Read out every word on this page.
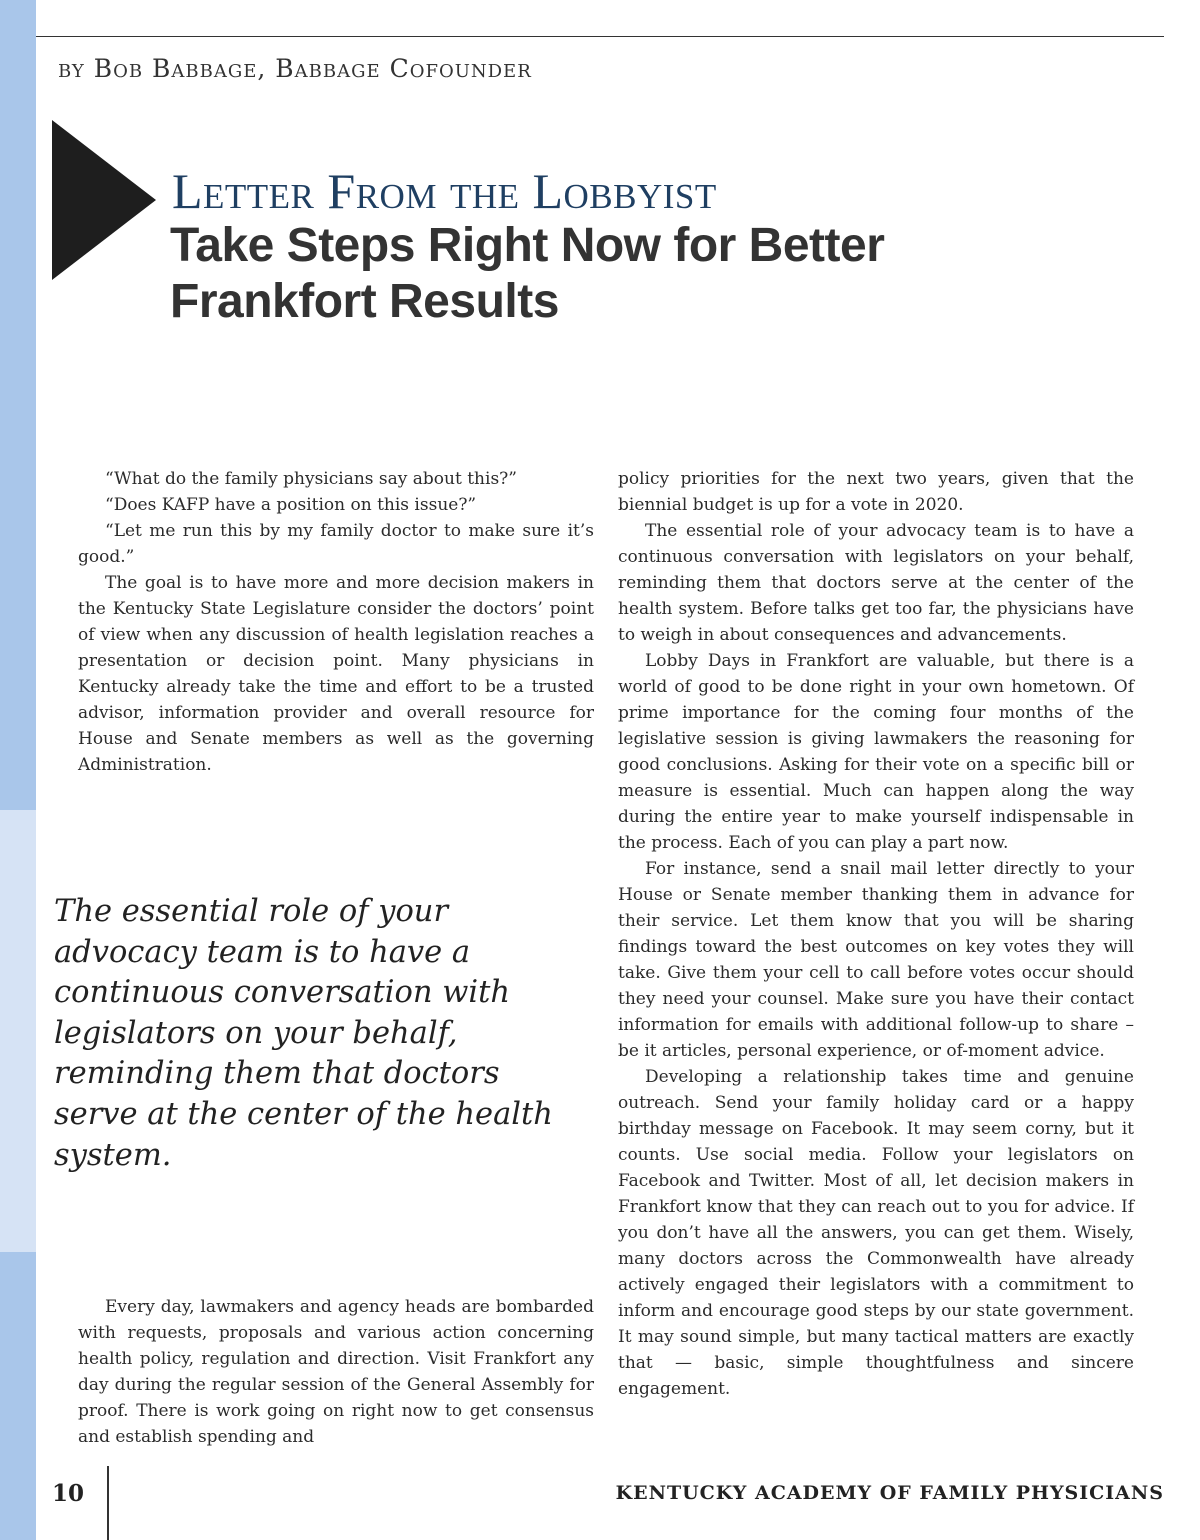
by Bob Babbage, Babbage Cofounder
Letter From the Lobbyist
Take Steps Right Now for Better Frankfort Results

“What do the family physicians say about this?”

“Does KAFP have a position on this issue?”

“Let me run this by my family doctor to make sure it’s good.”

The goal is to have more and more decision makers in the Kentucky State Legislature consider the doctors’ point of view when any discussion of health legislation reaches a presentation or decision point. Many physicians in Kentucky already take the time and effort to be a trusted advisor, information provider and overall resource for House and Senate members as well as the governing Administration.

The essential role of your advocacy team is to have a continuous conversation with legislators on your behalf, reminding them that doctors serve at the center of the health system.

Every day, lawmakers and agency heads are bombarded with requests, proposals and various action concerning health policy, regulation and direction. Visit Frankfort any day during the regular session of the General Assembly for proof. There is work going on right now to get consensus and establish spending and

policy priorities for the next two years, given that the biennial budget is up for a vote in 2020.

The essential role of your advocacy team is to have a continuous conversation with legislators on your behalf, reminding them that doctors serve at the center of the health system. Before talks get too far, the physicians have to weigh in about consequences and advancements.

Lobby Days in Frankfort are valuable, but there is a world of good to be done right in your own hometown. Of prime importance for the coming four months of the legislative session is giving lawmakers the reasoning for good conclusions. Asking for their vote on a specific bill or measure is essential. Much can happen along the way during the entire year to make yourself indispensable in the process. Each of you can play a part now.

For instance, send a snail mail letter directly to your House or Senate member thanking them in advance for their service. Let them know that you will be sharing findings toward the best outcomes on key votes they will take. Give them your cell to call before votes occur should they need your counsel. Make sure you have their contact information for emails with additional follow-up to share – be it articles, personal experience, or of-moment advice.

Developing a relationship takes time and genuine outreach. Send your family holiday card or a happy birthday message on Facebook. It may seem corny, but it counts. Use social media. Follow your legislators on Facebook and Twitter. Most of all, let decision makers in Frankfort know that they can reach out to you for advice. If you don’t have all the answers, you can get them. Wisely, many doctors across the Commonwealth have already actively engaged their legislators with a commitment to inform and encourage good steps by our state government. It may sound simple, but many tactical matters are exactly that — basic, simple thoughtfulness and sincere engagement.

10	KENTUCKY ACADEMY OF FAMILY PHYSICIANS
